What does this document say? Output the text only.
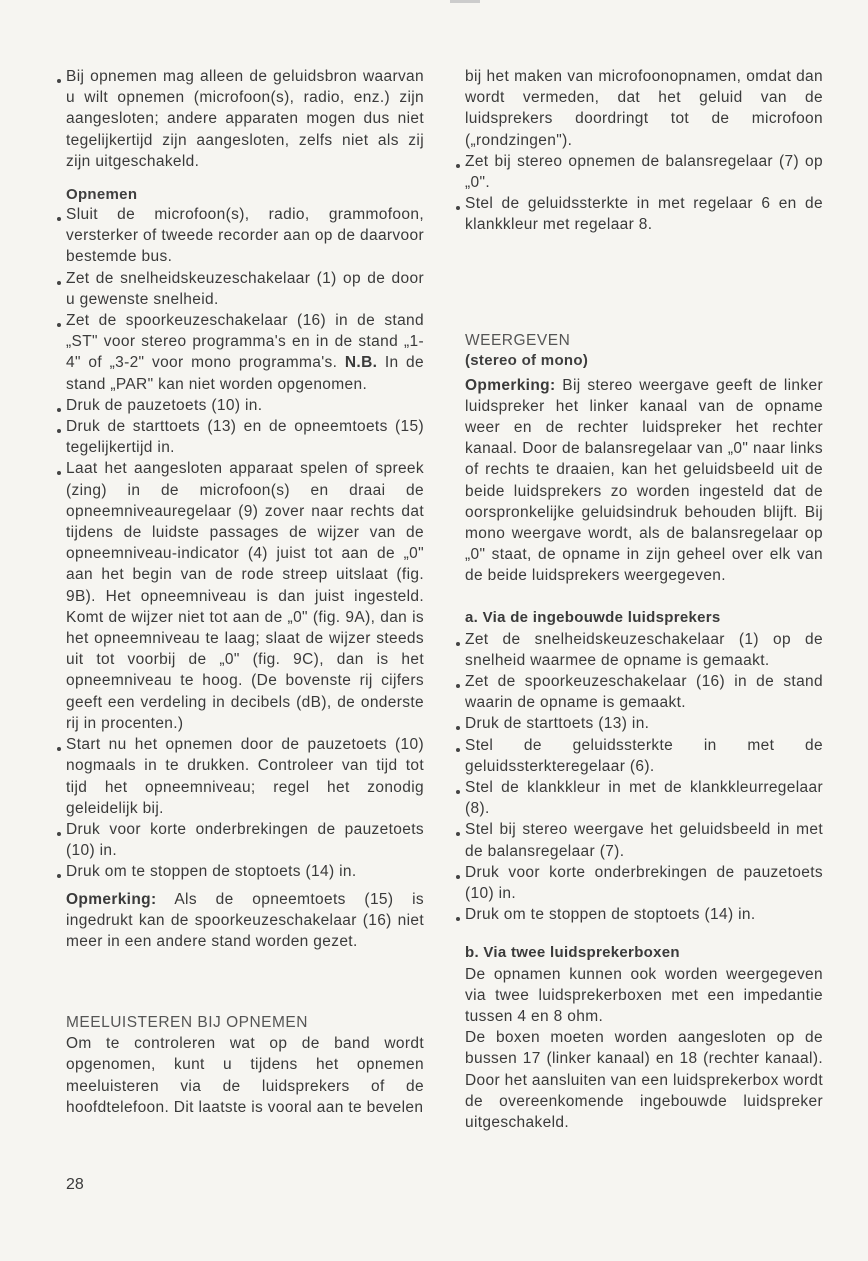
Bij opnemen mag alleen de geluidsbron waarvan u wilt opnemen (microfoon(s), radio, enz.) zijn aangesloten; andere apparaten mogen dus niet tegelijkertijd zijn aangesloten, zelfs niet als zij zijn uitgeschakeld.
Opnemen
Sluit de microfoon(s), radio, grammofoon, versterker of tweede recorder aan op de daarvoor bestemde bus.
Zet de snelheidskeuzeschakelaar (1) op de door u gewenste snelheid.
Zet de spoorkeuzeschakelaar (16) in de stand „ST" voor stereo programma's en in de stand „1-4" of „3-2" voor mono programma's. N.B. In de stand „PAR" kan niet worden opgenomen.
Druk de pauzetoets (10) in.
Druk de starttoets (13) en de opneemtoets (15) tegelijkertijd in.
Laat het aangesloten apparaat spelen of spreek (zing) in de microfoon(s) en draai de opneemniveauregelaar (9) zover naar rechts dat tijdens de luidste passages de wijzer van de opneemniveau-indicator (4) juist tot aan de „0" aan het begin van de rode streep uitslaat (fig. 9B). Het opneemniveau is dan juist ingesteld. Komt de wijzer niet tot aan de „0" (fig. 9A), dan is het opneemniveau te laag; slaat de wijzer steeds uit tot voorbij de „0" (fig. 9C), dan is het opneemniveau te hoog. (De bovenste rij cijfers geeft een verdeling in decibels (dB), de onderste rij in procenten.)
Start nu het opnemen door de pauzetoets (10) nogmaals in te drukken. Controleer van tijd tot tijd het opneemniveau; regel het zonodig geleidelijk bij.
Druk voor korte onderbrekingen de pauzetoets (10) in.
Druk om te stoppen de stoptoets (14) in.

Opmerking: Als de opneemtoets (15) is ingedrukt kan de spoorkeuzeschakelaar (16) niet meer in een andere stand worden gezet.

MEELUISTEREN BIJ OPNEMEN

Om te controleren wat op de band wordt opgenomen, kunt u tijdens het opnemen meeluisteren via de luidsprekers of de hoofdtelefoon. Dit laatste is vooral aan te bevelen

bij het maken van microfoonopnamen, omdat dan wordt vermeden, dat het geluid van de luidsprekers doordringt tot de microfoon („rondzingen").

Zet bij stereo opnemen de balansregelaar (7) op „0".
Stel de geluidssterkte in met regelaar 6 en de klankkleur met regelaar 8.
WEERGEVEN
(stereo of mono)

Opmerking: Bij stereo weergave geeft de linker luidspreker het linker kanaal van de opname weer en de rechter luidspreker het rechter kanaal. Door de balansregelaar van „0" naar links of rechts te draaien, kan het geluidsbeeld uit de beide luidsprekers zo worden ingesteld dat de oorspronkelijke geluidsindruk behouden blijft. Bij mono weergave wordt, als de balansregelaar op „0" staat, de opname in zijn geheel over elk van de beide luidsprekers weergegeven.

a. Via de ingebouwde luidsprekers
Zet de snelheidskeuzeschakelaar (1) op de snelheid waarmee de opname is gemaakt.
Zet de spoorkeuzeschakelaar (16) in de stand waarin de opname is gemaakt.
Druk de starttoets (13) in.
Stel de geluidssterkte in met de geluidssterkteregelaar (6).
Stel de klankkleur in met de klankkleurregelaar (8).
Stel bij stereo weergave het geluidsbeeld in met de balansregelaar (7).
Druk voor korte onderbrekingen de pauzetoets (10) in.
Druk om te stoppen de stoptoets (14) in.
b. Via twee luidsprekerboxen

De opnamen kunnen ook worden weergegeven via twee luidsprekerboxen met een impedantie tussen 4 en 8 ohm.

De boxen moeten worden aangesloten op de bussen 17 (linker kanaal) en 18 (rechter kanaal). Door het aansluiten van een luidsprekerbox wordt de overeenkomende ingebouwde luidspreker uitgeschakeld.

28
